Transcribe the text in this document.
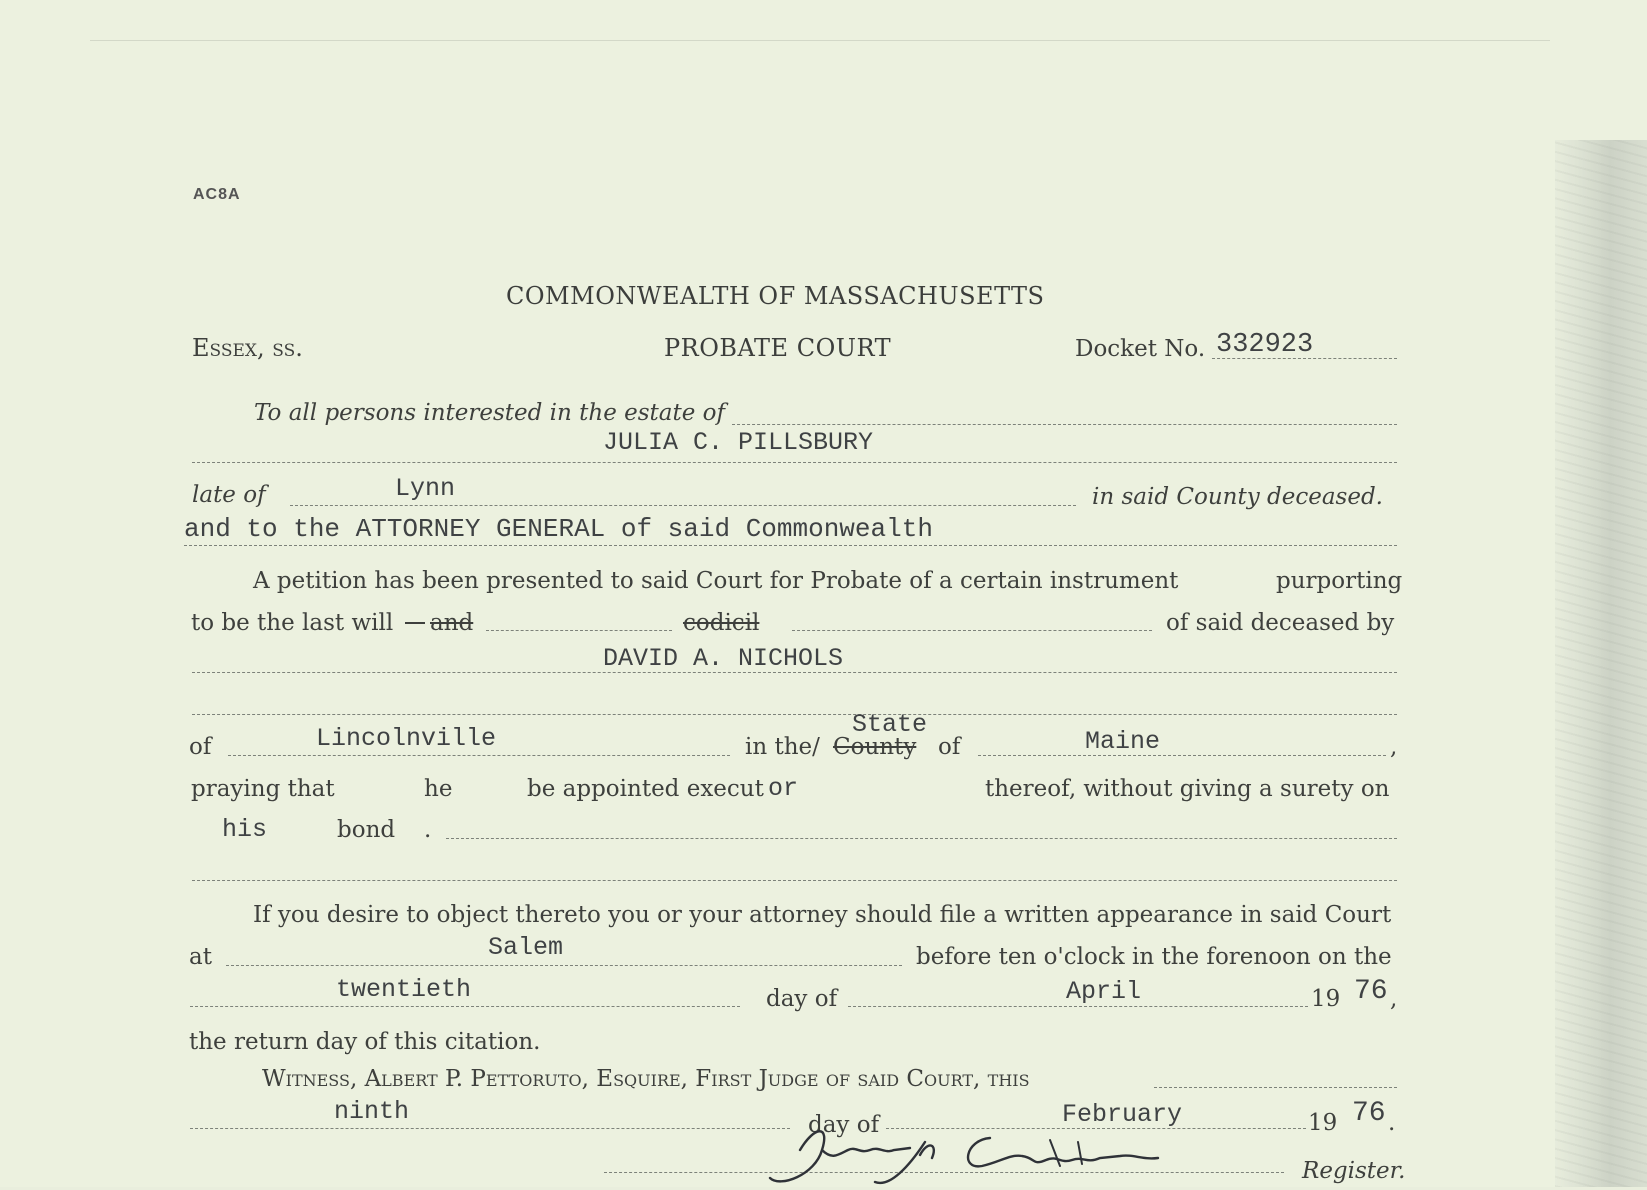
AC8A
COMMONWEALTH OF MASSACHUSETTS
Essex, ss.	PROBATE COURT	Docket No. 332923
To all persons interested in the estate of
JULIA C. PILLSBURY
late of	Lynn	in said County deceased.
and to the ATTORNEY GENERAL of said Commonwealth
A petition has been presented to said Court for Probate of a certain instrument	purporting
to be the last will
and	codicil	of said deceased by
DAVID A. NICHOLS
of	Lincolnville	in the/
State
County of	Maine	,
praying that	he	be appointed execut or	thereof, without giving a surety on
his	bond .
If you desire to object thereto you or your attorney should file a written appearance in said Court
at	Salem	before ten o'clock in the forenoon on the
twentieth	day of	April	19 76 ,
the return day of this citation.
Witness, Albert P. Pettoruto, Esquire, First Judge of said Court, this
ninth	day of	February	19 76 .
Register.
